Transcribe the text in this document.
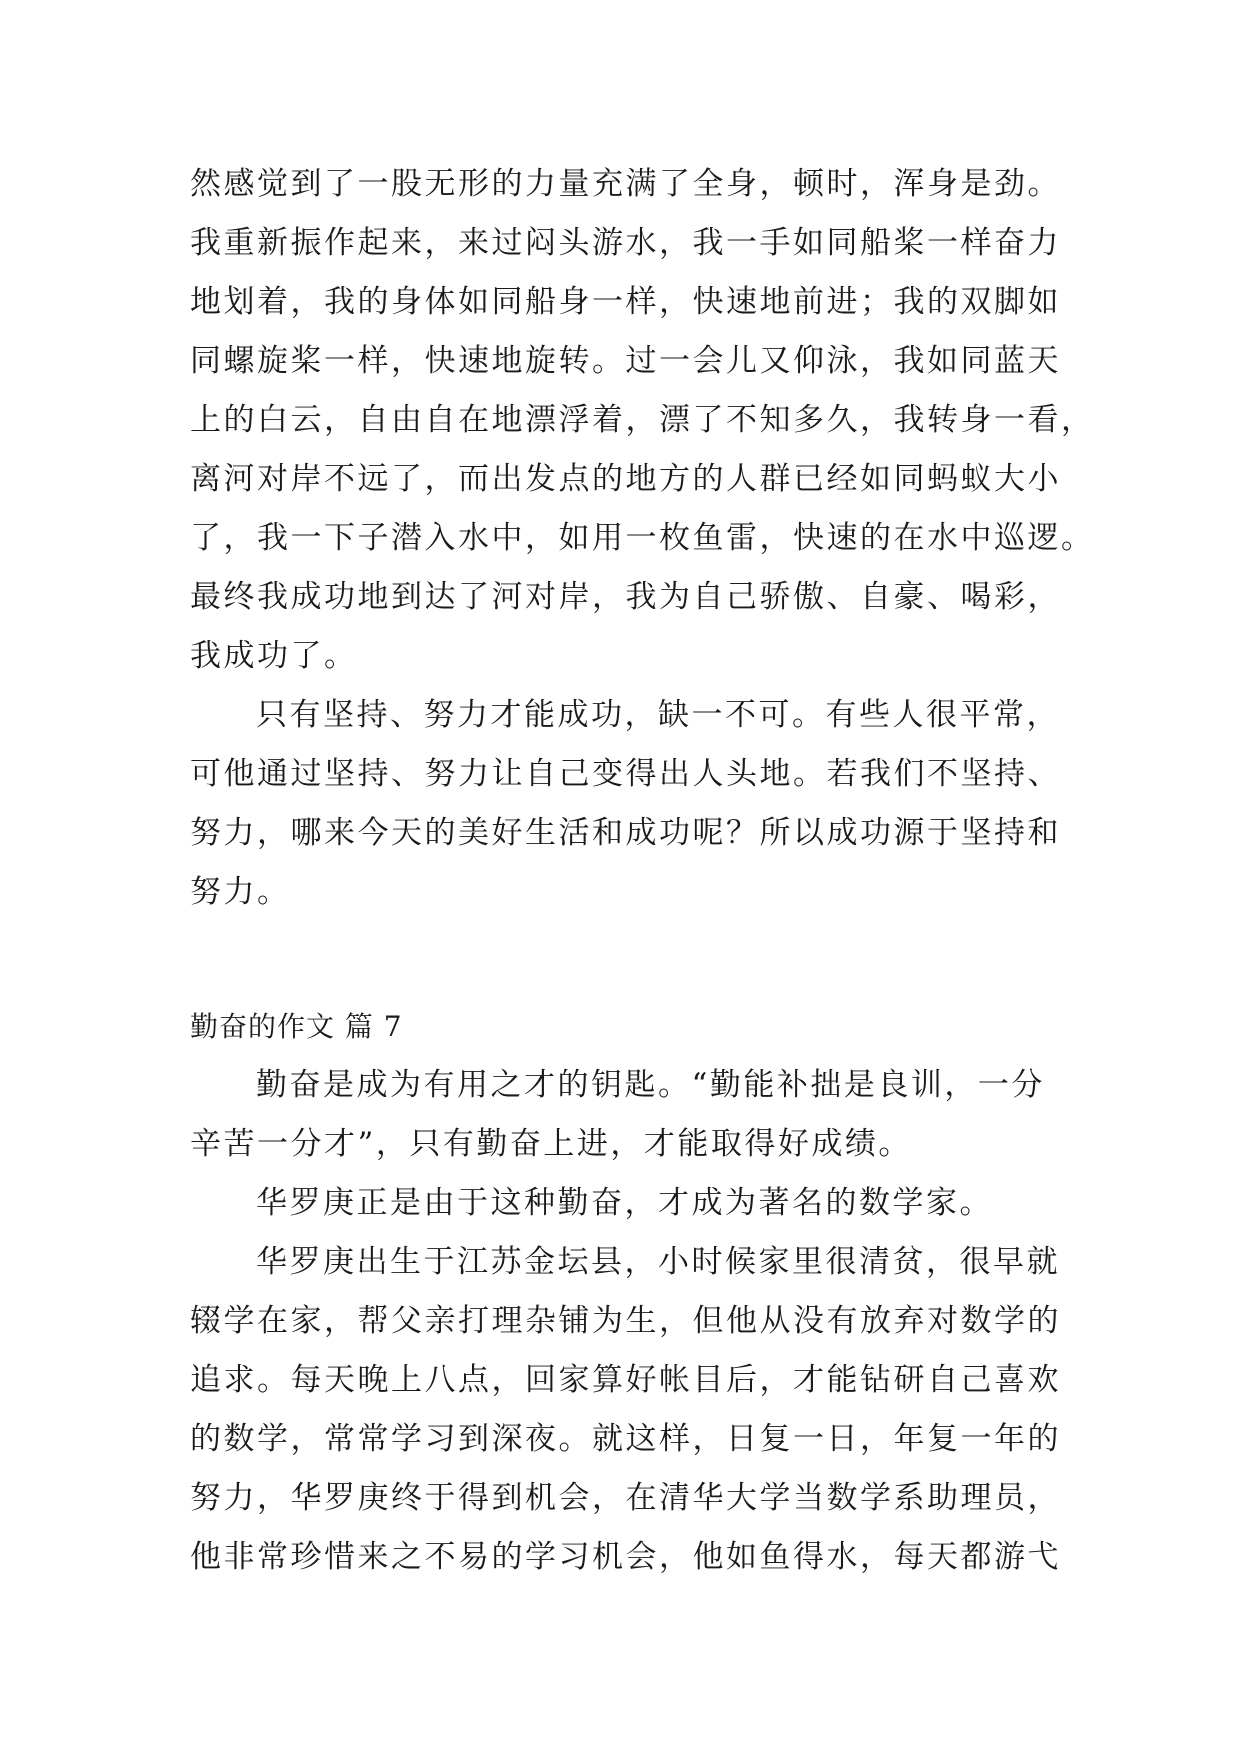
然感觉到了一股无形的力量充满了全身，顿时，浑身是劲。
我重新振作起来，来过闷头游水，我一手如同船桨一样奋力
地划着，我的身体如同船身一样，快速地前进；我的双脚如
同螺旋桨一样，快速地旋转。过一会儿又仰泳，我如同蓝天
上的白云，自由自在地漂浮着，漂了不知多久，我转身一看，
离河对岸不远了，而出发点的地方的人群已经如同蚂蚁大小
了，我一下子潜入水中，如用一枚鱼雷，快速的在水中巡逻。
最终我成功地到达了河对岸，我为自己骄傲、自豪、喝彩，
我成功了。
只有坚持、努力才能成功，缺一不可。有些人很平常，
可他通过坚持、努力让自己变得出人头地。若我们不坚持、
努力，哪来今天的美好生活和成功呢？所以成功源于坚持和
努力。
勤奋的作文 篇 7
勤奋是成为有用之才的钥匙。“勤能补拙是良训，一分
辛苦一分才”，只有勤奋上进，才能取得好成绩。
华罗庚正是由于这种勤奋，才成为著名的数学家。
华罗庚出生于江苏金坛县，小时候家里很清贫，很早就
辍学在家，帮父亲打理杂铺为生，但他从没有放弃对数学的
追求。每天晚上八点，回家算好帐目后，才能钻研自己喜欢
的数学，常常学习到深夜。就这样，日复一日，年复一年的
努力，华罗庚终于得到机会，在清华大学当数学系助理员，
他非常珍惜来之不易的学习机会，他如鱼得水，每天都游弋
